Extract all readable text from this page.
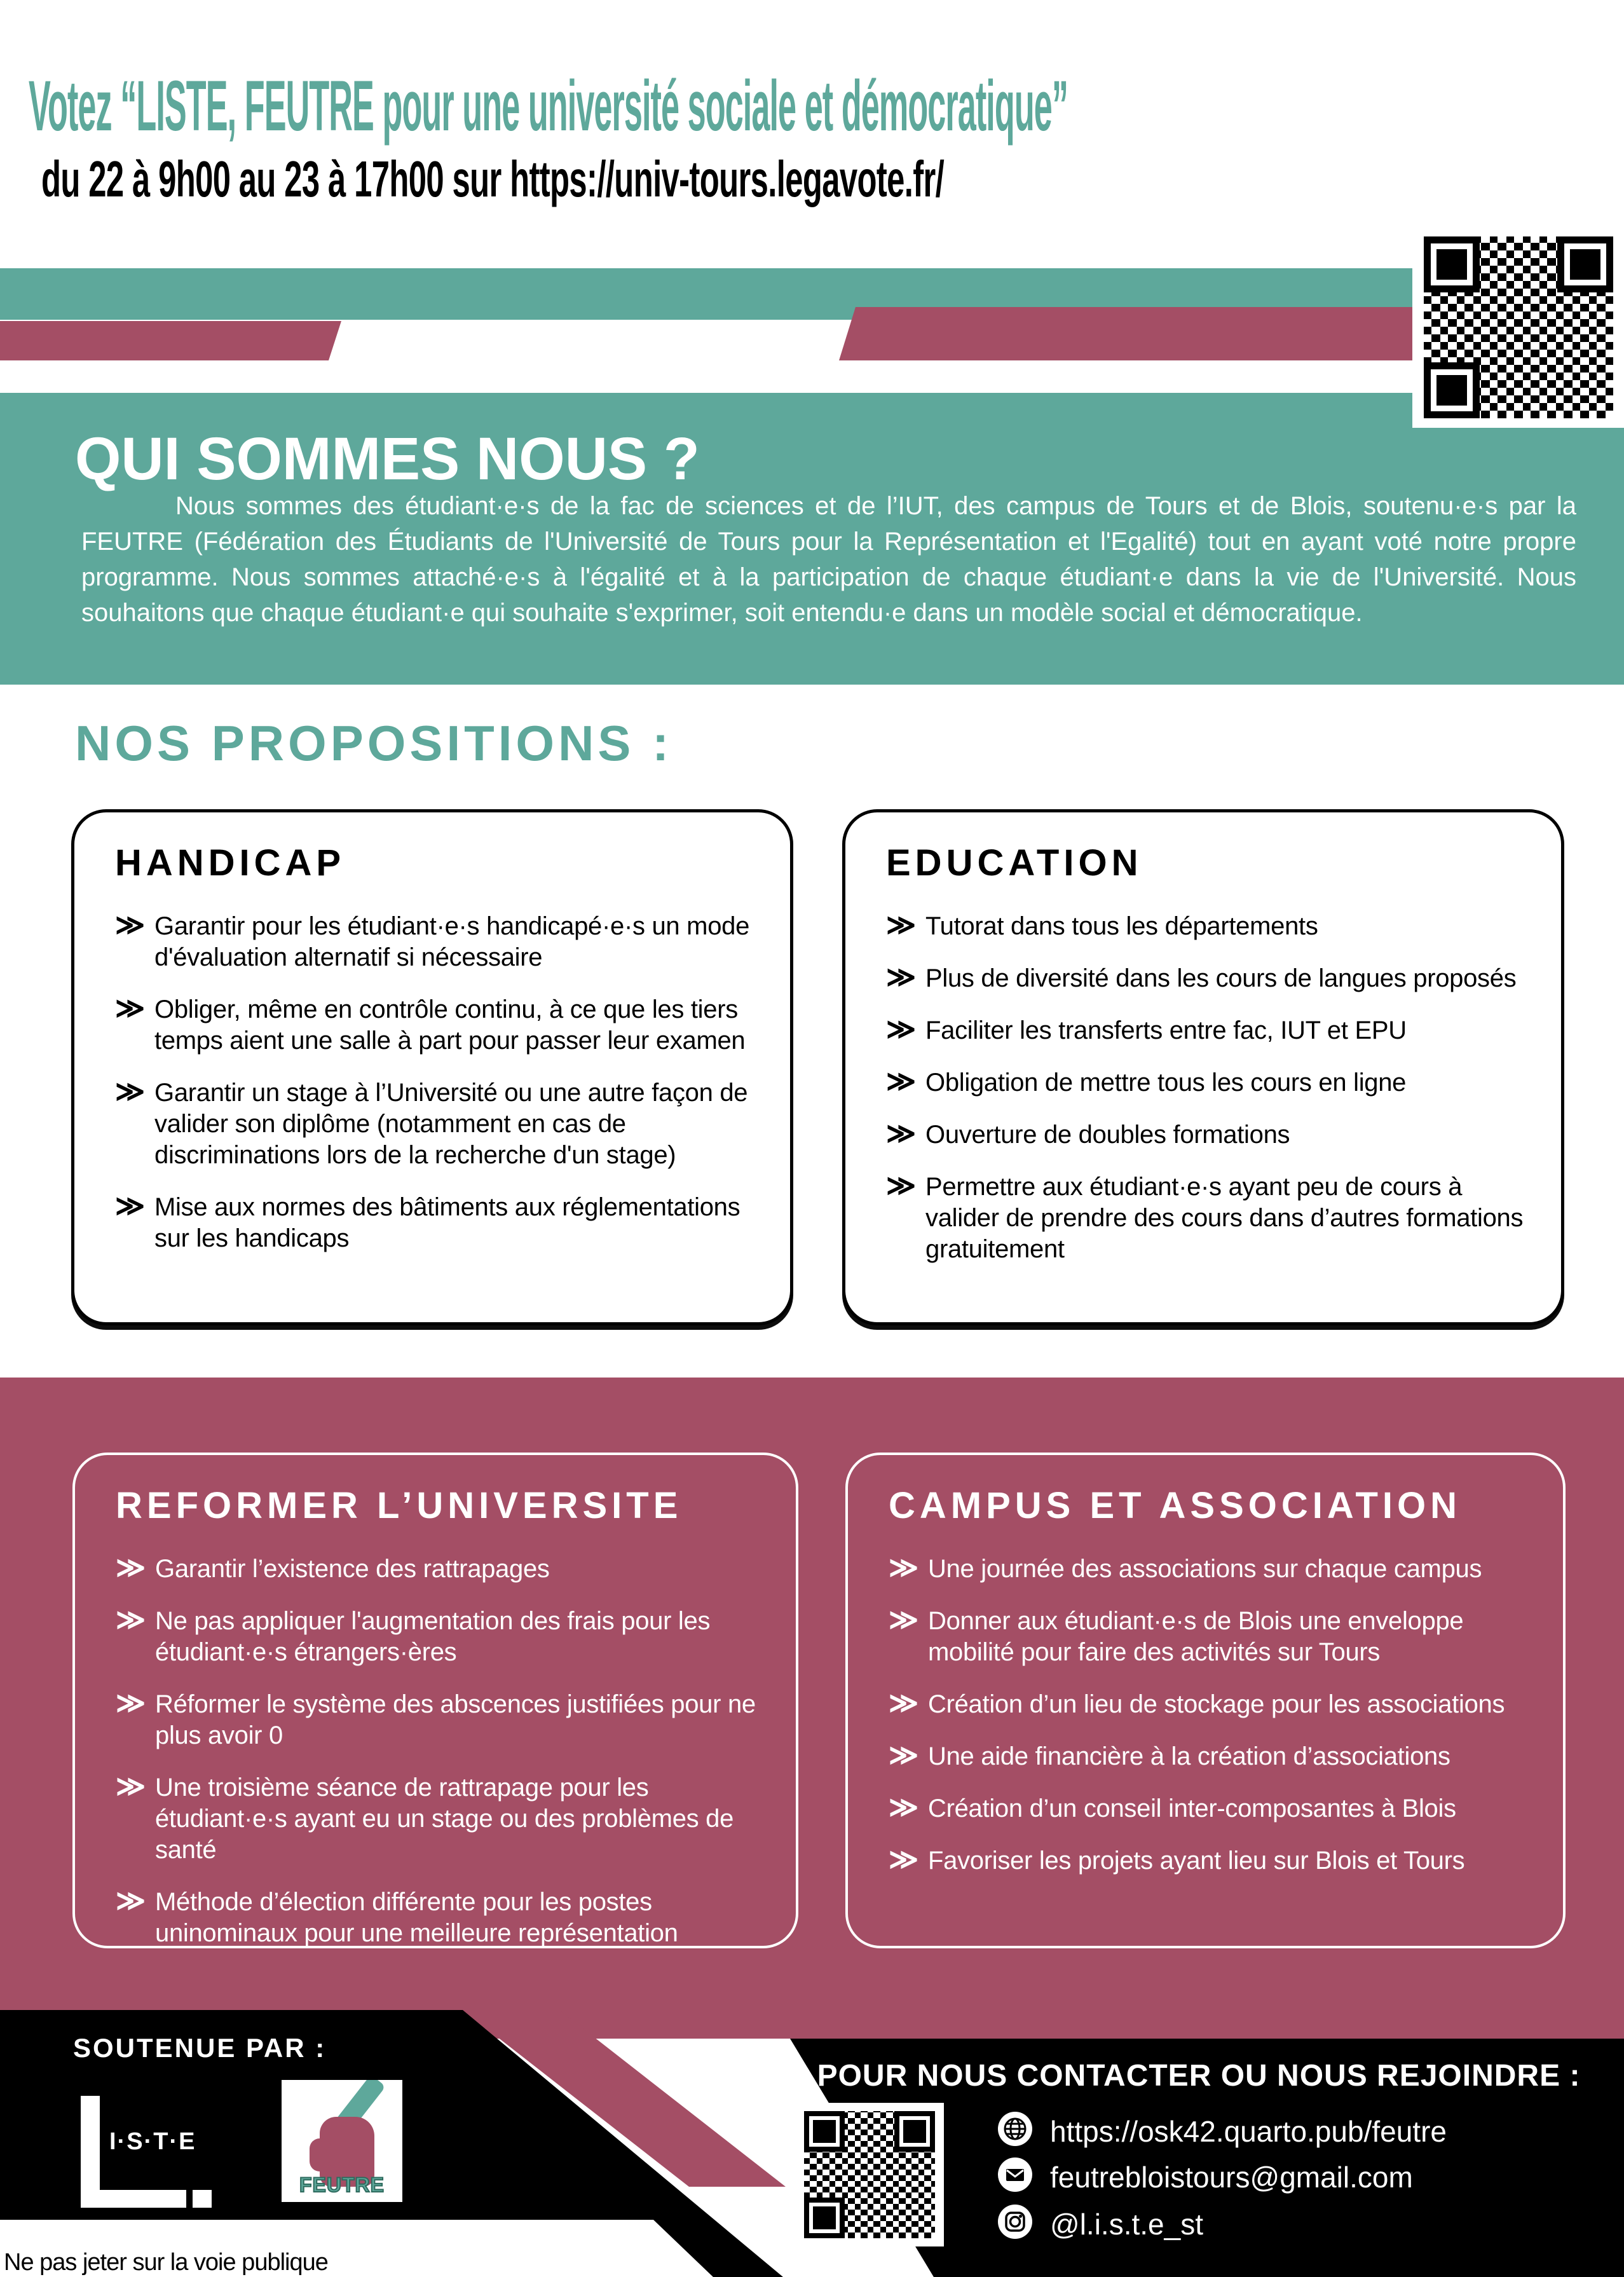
Votez “LISTE, FEUTRE pour une université sociale et démocratique”
du 22 à 9h00 au 23 à 17h00 sur https://univ-tours.legavote.fr/
QUI SOMMES NOUS ?
Nous sommes des étudiant·e·s de la fac de sciences et de l’IUT, des campus de Tours et de Blois, soutenu·e·s par la FEUTRE (Fédération des Étudiants de l'Université de Tours pour la Représentation et l'Egalité) tout en ayant voté notre propre programme. Nous sommes attaché·e·s à l'égalité et à la participation de chaque étudiant·e dans la vie de l'Université. Nous souhaitons que chaque étudiant·e qui souhaite s'exprimer, soit entendu·e dans un modèle social et démocratique.
NOS PROPOSITIONS :
HANDICAP
≫ Garantir pour les étudiant·e·s handicapé·e·s un mode d'évaluation alternatif si nécessaire
≫ Obliger, même en contrôle continu, à ce que les tiers temps aient une salle à part pour passer leur examen
≫ Garantir un stage à l’Université ou une autre façon de valider son diplôme (notamment en cas de discriminations lors de la recherche d'un stage)
≫ Mise aux normes des bâtiments aux réglementations sur les handicaps
EDUCATION
≫ Tutorat dans tous les départements
≫ Plus de diversité dans les cours de langues proposés
≫ Faciliter les transferts entre fac, IUT et EPU
≫ Obligation de mettre tous les cours en ligne
≫ Ouverture de doubles formations
≫ Permettre aux étudiant·e·s ayant peu de cours à valider de prendre des cours dans d’autres formations gratuitement
REFORMER L’UNIVERSITE
≫ Garantir l’existence des rattrapages
≫ Ne pas appliquer l'augmentation des frais pour les étudiant·e·s étrangers·ères
≫ Réformer le système des abscences justifiées pour ne plus avoir 0
≫ Une troisième séance de rattrapage pour les étudiant·e·s ayant eu un stage ou des problèmes de santé
≫ Méthode d’élection différente pour les postes uninominaux pour une meilleure représentation
CAMPUS ET ASSOCIATION
≫ Une journée des associations sur chaque campus
≫ Donner aux étudiant·e·s de Blois une enveloppe mobilité pour faire des activités sur Tours
≫ Création d’un lieu de stockage pour les associations
≫ Une aide financière à la création d’associations
≫ Création d’un conseil inter-composantes à Blois
≫ Favoriser les projets ayant lieu sur Blois et Tours
SOUTENUE PAR :
I·S·T·E
FEUTRE
POUR NOUS CONTACTER OU NOUS REJOINDRE :
https://osk42.quarto.pub/feutre
feutrebloistours@gmail.com
@l.i.s.t.e_st
Ne pas jeter sur la voie publique
